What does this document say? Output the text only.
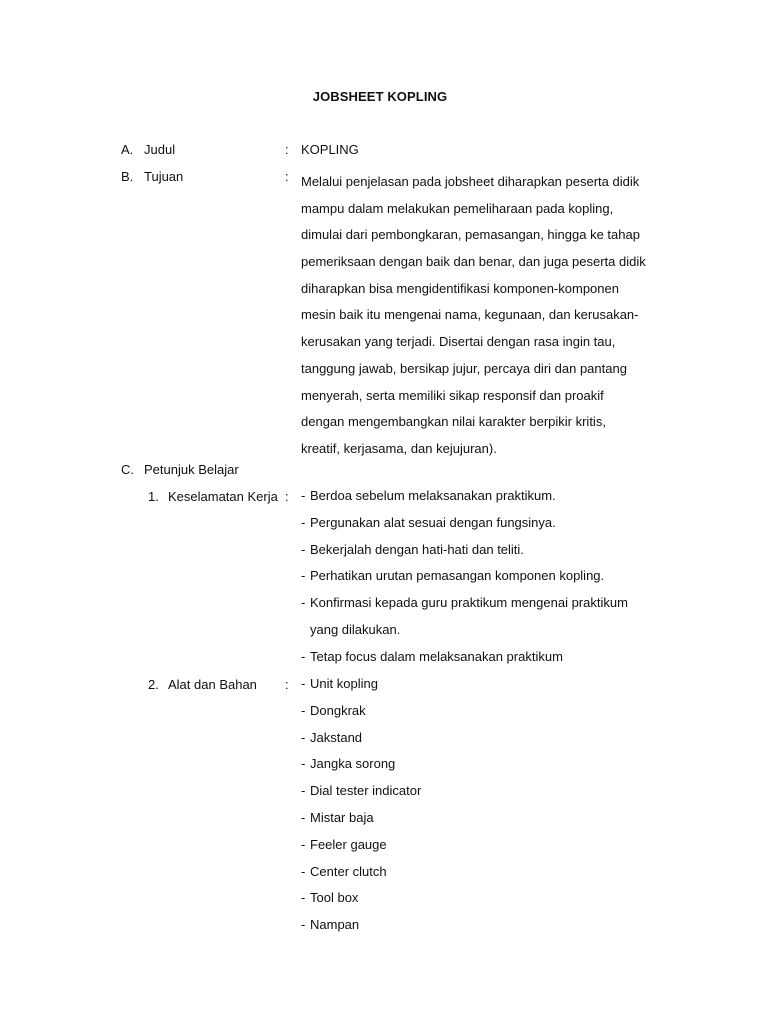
JOBSHEET KOPLING
A. Judul	: KOPLING
B. Tujuan	: Melalui penjelasan pada jobsheet diharapkan peserta didik
mampu dalam melakukan pemeliharaan pada kopling,
dimulai dari pembongkaran, pemasangan, hingga ke tahap
pemeriksaan dengan baik dan benar, dan juga peserta didik
diharapkan bisa mengidentifikasi komponen-komponen
mesin baik itu mengenai nama, kegunaan, dan kerusakan-
kerusakan yang terjadi. Disertai dengan rasa ingin tau,
tanggung jawab, bersikap jujur, percaya diri dan pantang
menyerah, serta memiliki sikap responsif dan proakif
dengan mengembangkan nilai karakter berpikir kritis,
kreatif, kerjasama, dan kejujuran).

C. Petunjuk Belajar
1. Keselamatan Kerja : - Berdoa sebelum melaksanakan praktikum.
- Pergunakan alat sesuai dengan fungsinya.
- Bekerjalah dengan hati-hati dan teliti.
- Perhatikan urutan pemasangan komponen kopling.
- Konfirmasi kepada guru praktikum mengenai praktikum
yang dilakukan.
- Tetap focus dalam melaksanakan praktikum
2. Alat dan Bahan : - Unit kopling
- Dongkrak
- Jakstand
- Jangka sorong
- Dial tester indicator
- Mistar baja
- Feeler gauge
- Center clutch
- Tool box
- Nampan
